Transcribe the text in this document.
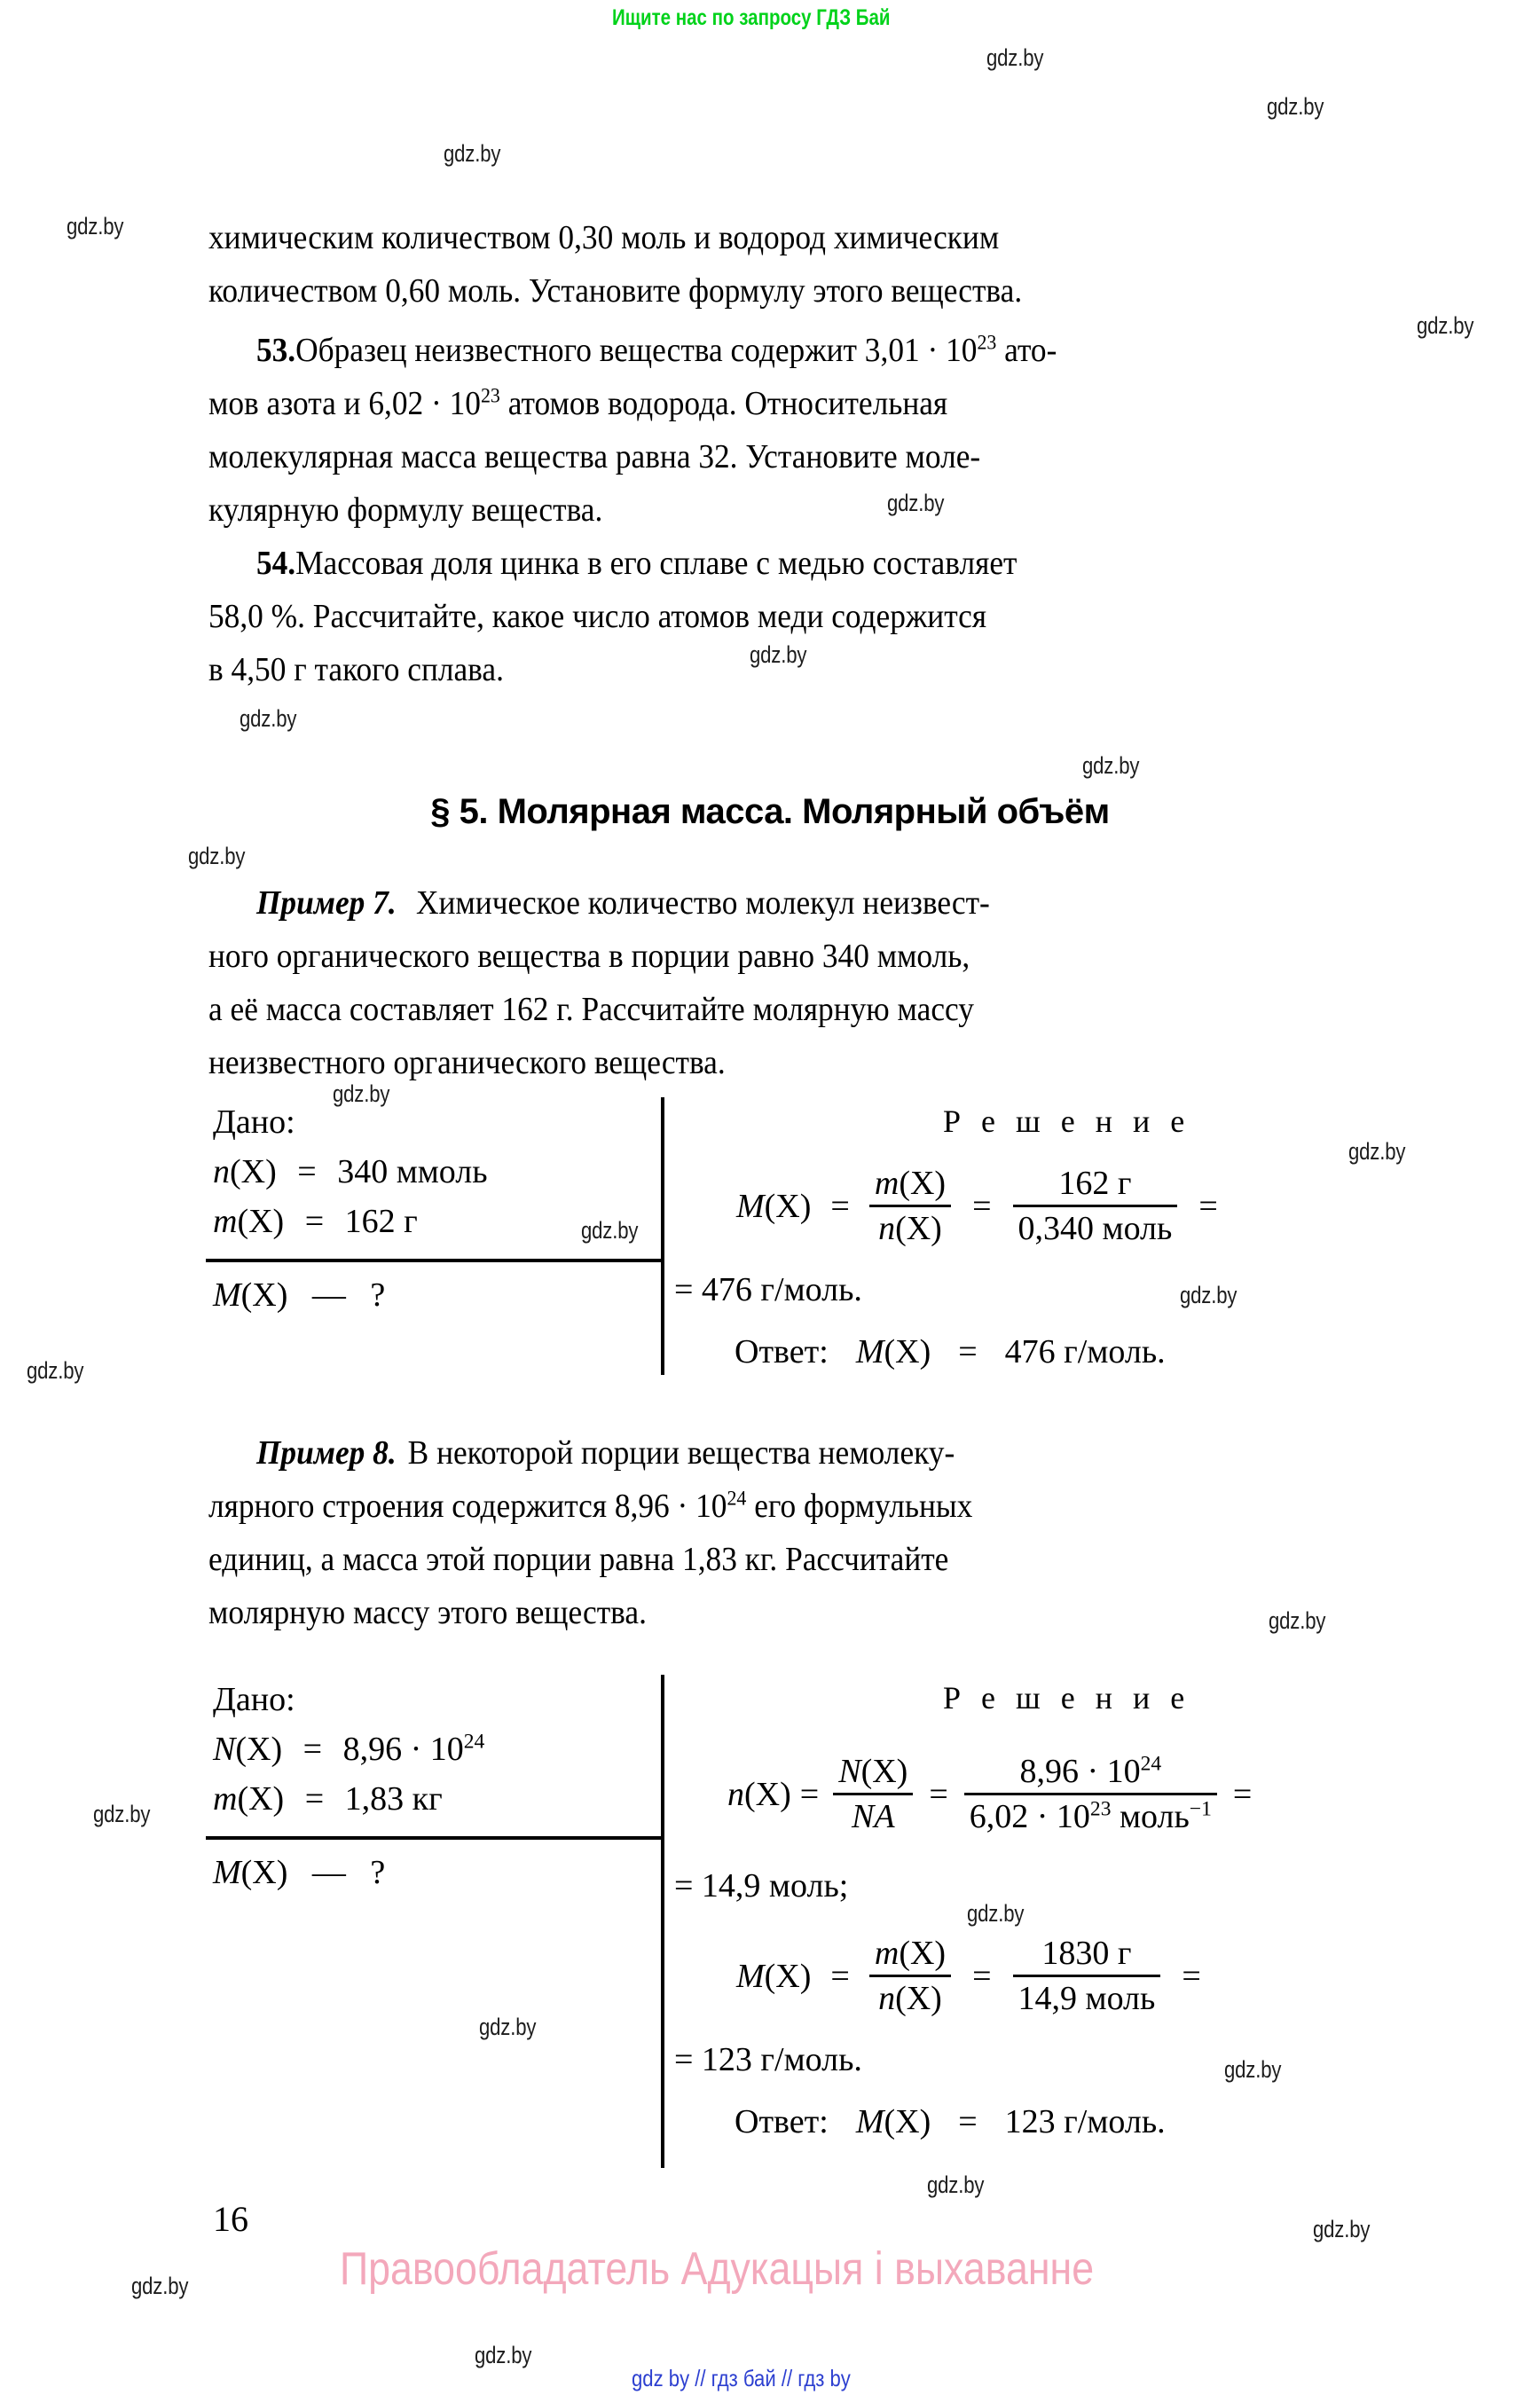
Ищите нас по запросу ГДЗ Бай
химическим количеством 0,30 моль и водород химическим
количеством 0,60 моль. Установите формулу этого вещества.
53.Образец неизвестного вещества содержит $3,01 \cdot 10^{23}$ ато-
мов азота и $6,02 \cdot 10^{23}$ атомов водорода. Относительная
молекулярная масса вещества равна 32. Установите моле-
кулярную формулу вещества.
54.Массовая доля цинка в его сплаве с медью составляет
58,0 %. Рассчитайте, какое число атомов меди содержится
в 4,50 г такого сплава.
§ 5. Молярная масса. Молярный объём
Пример 7. Химическое количество молекул неизвест-
ного органического вещества в порции равно 340 ммоль,
а её масса составляет 162 г. Рассчитайте молярную массу
неизвестного органического вещества.
Дано:
n(X) = 340 ммоль
m(X) = 162 г
M(X) — ?
Р е ш е н и е
M $(X) = \frac{m(X)}{n(X)} = \frac{162 г}{\text{0,340 моль}}$ =
= 476 г/моль.
Ответ: M(X) = 476 г/моль.
Пример 8. В некоторой порции вещества немолеку-
лярного строения содержится $8,96 \cdot 10^{24}$ его формульных
единиц, а масса этой порции равна 1,83 кг. Рассчитайте
молярную массу этого вещества.
Дано:
$N(X) = 8,96 \cdot 10^{24}$
m(X) = 1,83 кг
M(X) — ?
Р е ш е н и е
n $(X) = \frac{N(X)}{NA} = \frac{8,96 \cdot 10^{24}}{6,02 \cdot 10^{23} моль^{-1}}$ =
= 14,9 моль;
M $(X) = \frac{m(X)}{n(X)} = \frac{1830 г}{\text{14,9 моль}}$ =
= 123 г/моль.
Ответ: M(X) = 123 г/моль.
16
Правообладатель Адукацыя і выхаванне
gdz by // гдз бай // гдз by
gdz.by
gdz.by
gdz.by
gdz.by
gdz.by
gdz.by
gdz.by
gdz.by
gdz.by
gdz.by
gdz.by
gdz.by
gdz.by
gdz.by
gdz.by
gdz.by
gdz.by
gdz.by
gdz.by
gdz.by
gdz.by
gdz.by
gdz.by
gdz.by
